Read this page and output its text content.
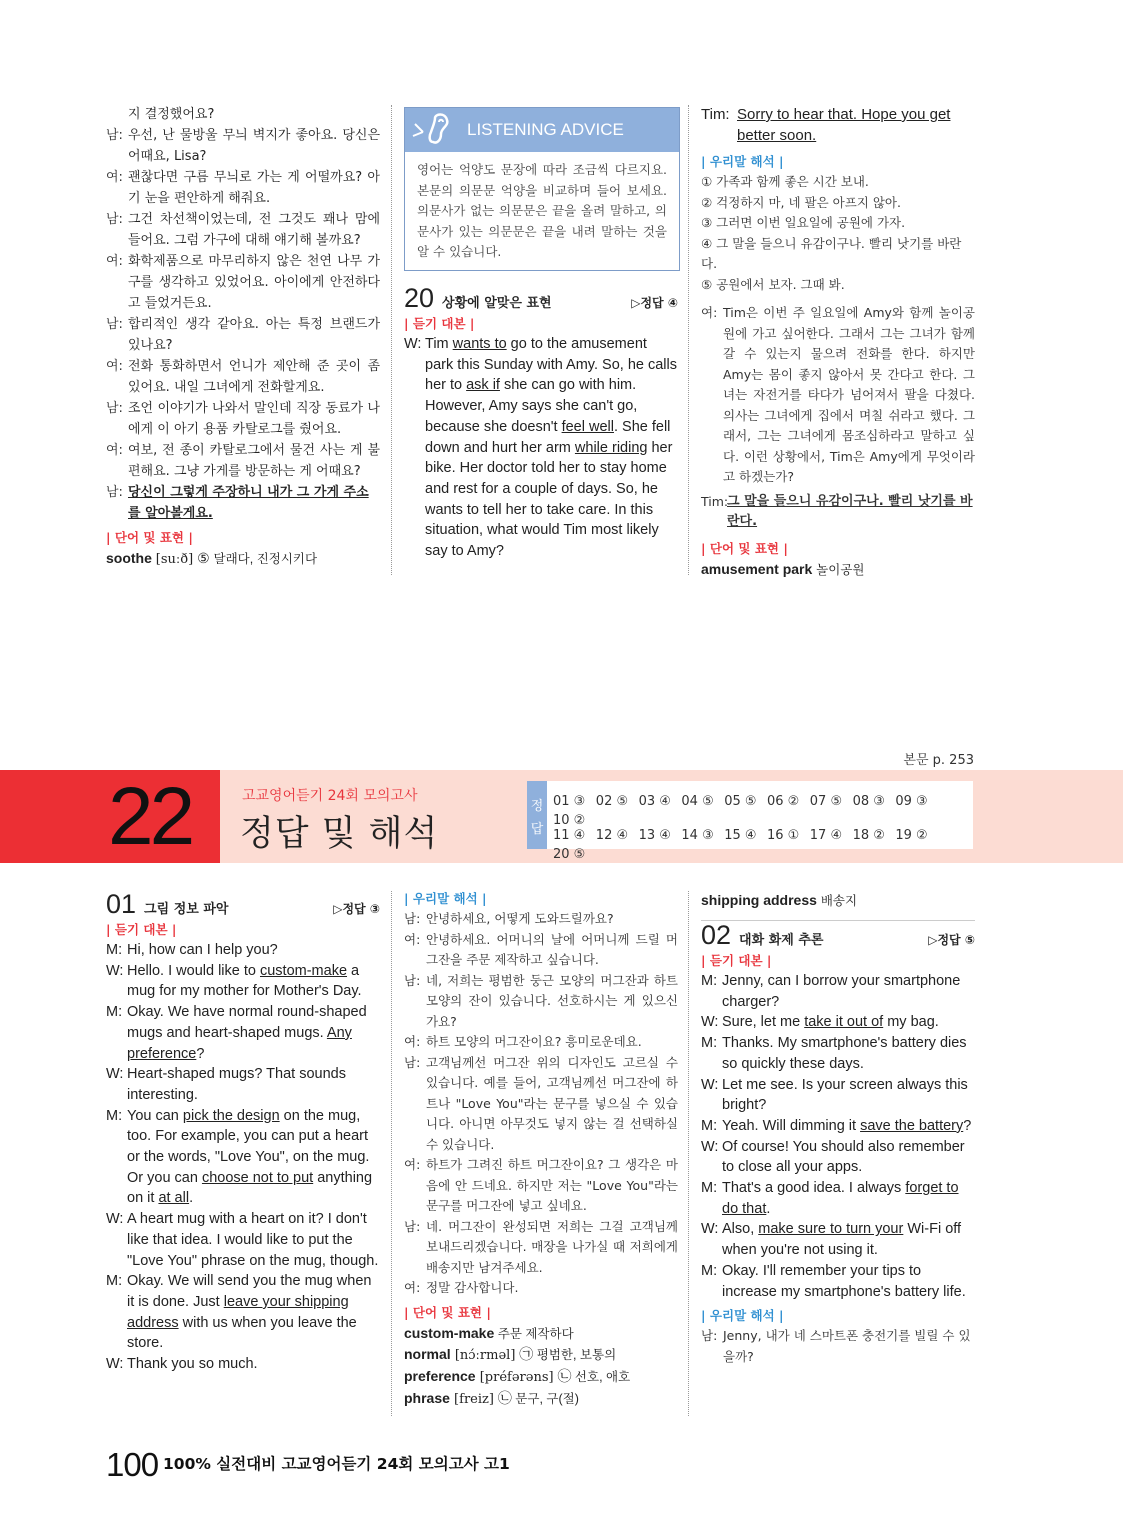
지 결정했어요?
남: 우선, 난 물방울 무늬 벽지가 좋아요. 당신은 어때요, Lisa?
여: 괜찮다면 구름 무늬로 가는 게 어떨까요? 아기 눈을 편안하게 해줘요.
남: 그건 차선책이었는데, 전 그것도 꽤나 맘에 들어요. 그럼 가구에 대해 얘기해 볼까요?
여: 화학제품으로 마무리하지 않은 천연 나무 가구를 생각하고 있었어요. 아이에게 안전하다고 들었거든요.
남: 합리적인 생각 같아요. 아는 특정 브랜드가 있나요?
여: 전화 통화하면서 언니가 제안해 준 곳이 좀 있어요. 내일 그녀에게 전화할게요.
남: 조언 이야기가 나와서 말인데 직장 동료가 나에게 이 아기 용품 카탈로그를 줬어요.
여: 여보, 전 종이 카탈로그에서 물건 사는 게 불편해요. 그냥 가게를 방문하는 게 어때요?
남: 당신이 그렇게 주장하니 내가 그 가게 주소를 알아볼게요.
| 단어 및 표현 |
soothe [suːð] ⑤ 달래다, 진정시키다
LISTENING ADVICE
영어는 억양도 문장에 따라 조금씩 다르지요. 본문의 의문문 억양을 비교하며 들어 보세요. 의문사가 없는 의문문은 끝을 올려 말하고, 의문사가 있는 의문문은 끝을 내려 말하는 것을 알 수 있습니다.
20 상황에 알맞은 표현	▷정답 ④
| 듣기 대본 |
W: Tim wants to go to the amusement park this Sunday with Amy. So, he calls her to ask if she can go with him. However, Amy says she can't go, because she doesn't feel well. She fell down and hurt her arm while riding her bike. Her doctor told her to stay home and rest for a couple of days. So, he wants to tell her to take care. In this situation, what would Tim most likely say to Amy?
Tim: Sorry to hear that. Hope you get better soon.
| 우리말 해석 |
① 가족과 함께 좋은 시간 보내.
② 걱정하지 마, 네 팔은 아프지 않아.
③ 그러면 이번 일요일에 공원에 가자.
④ 그 말을 들으니 유감이구나. 빨리 낫기를 바란다.
⑤ 공원에서 보자. 그때 봐.
여: Tim은 이번 주 일요일에 Amy와 함께 놀이공원에 가고 싶어한다. 그래서 그는 그녀가 함께 갈 수 있는지 물으려 전화를 한다. 하지만 Amy는 몸이 좋지 않아서 못 간다고 한다. 그녀는 자전거를 타다가 넘어져서 팔을 다쳤다. 의사는 그녀에게 집에서 며칠 쉬라고 했다. 그래서, 그는 그녀에게 몸조심하라고 말하고 싶다. 이런 상황에서, Tim은 Amy에게 무엇이라고 하겠는가?
Tim:
그 말을 들으니 유감이구나. 빨리 낫기를 바란다.
| 단어 및 표현 |
amusement park 놀이공원
본문 p. 253
22	고교영어듣기 24회 모의고사
정답 및 해석
정
답
01 ③ 02 ⑤ 03 ④ 04 ⑤ 05 ⑤ 06 ② 07 ⑤ 08 ③ 09 ③10 ②
11 ④ 12 ④ 13 ④ 14 ③ 15 ④ 16 ① 17 ④ 18 ② 19 ②20 ⑤
01 그림 정보 파악	▷정답 ③
| 듣기 대본 |
M: Hi, how can I help you?
W: Hello. I would like to custom-make a mug for my mother for Mother's Day.
M: Okay. We have normal round-shaped mugs and heart-shaped mugs. Any preference?
W: Heart-shaped mugs? That sounds interesting.
M: You can pick the design on the mug, too. For example, you can put a heart or the words, "Love You", on the mug. Or you can choose not to put anything on it at all.
W: A heart mug with a heart on it? I don't like that idea. I would like to put the "Love You" phrase on the mug, though.
M: Okay. We will send you the mug when it is done. Just leave your shipping address with us when you leave the store.
W: Thank you so much.
| 우리말 해석 |
남: 안녕하세요, 어떻게 도와드릴까요?
여: 안녕하세요. 어머니의 날에 어머니께 드릴 머그잔을 주문 제작하고 싶습니다.
남: 네, 저희는 평범한 둥근 모양의 머그잔과 하트 모양의 잔이 있습니다. 선호하시는 게 있으신가요?
여: 하트 모양의 머그잔이요? 흥미로운데요.
남: 고객님께선 머그잔 위의 디자인도 고르실 수 있습니다. 예를 들어, 고객님께선 머그잔에 하트나 "Love You"라는 문구를 넣으실 수 있습니다. 아니면 아무것도 넣지 않는 걸 선택하실 수 있습니다.
여: 하트가 그려진 하트 머그잔이요? 그 생각은 마음에 안 드네요. 하지만 저는 "Love You"라는 문구를 머그잔에 넣고 싶네요.
남: 네. 머그잔이 완성되면 저희는 그걸 고객님께 보내드리겠습니다. 매장을 나가실 때 저희에게 배송지만 남겨주세요.
여: 정말 감사합니다.
| 단어 및 표현 |
custom-make 주문 제작하다
normal [nɔ́ːrməl] ㉠ 평범한, 보통의
preference [préfərəns] ㉡ 선호, 애호
phrase [freiz] ㉡ 문구, 구(절)
shipping address 배송지
02 대화 화제 추론	▷정답 ⑤
| 듣기 대본 |
M: Jenny, can I borrow your smartphone charger?
W: Sure, let me take it out of my bag.
M: Thanks. My smartphone's battery dies so quickly these days.
W: Let me see. Is your screen always this bright?
M: Yeah. Will dimming it save the battery?
W: Of course! You should also remember to close all your apps.
M: That's a good idea. I always forget to do that.
W: Also, make sure to turn your Wi-Fi off when you're not using it.
M: Okay. I'll remember your tips to increase my smartphone's battery life.
| 우리말 해석 |
남: Jenny, 내가 네 스마트폰 충전기를 빌릴 수 있을까?
100 100% 실전대비 고교영어듣기 24회 모의고사 고1
